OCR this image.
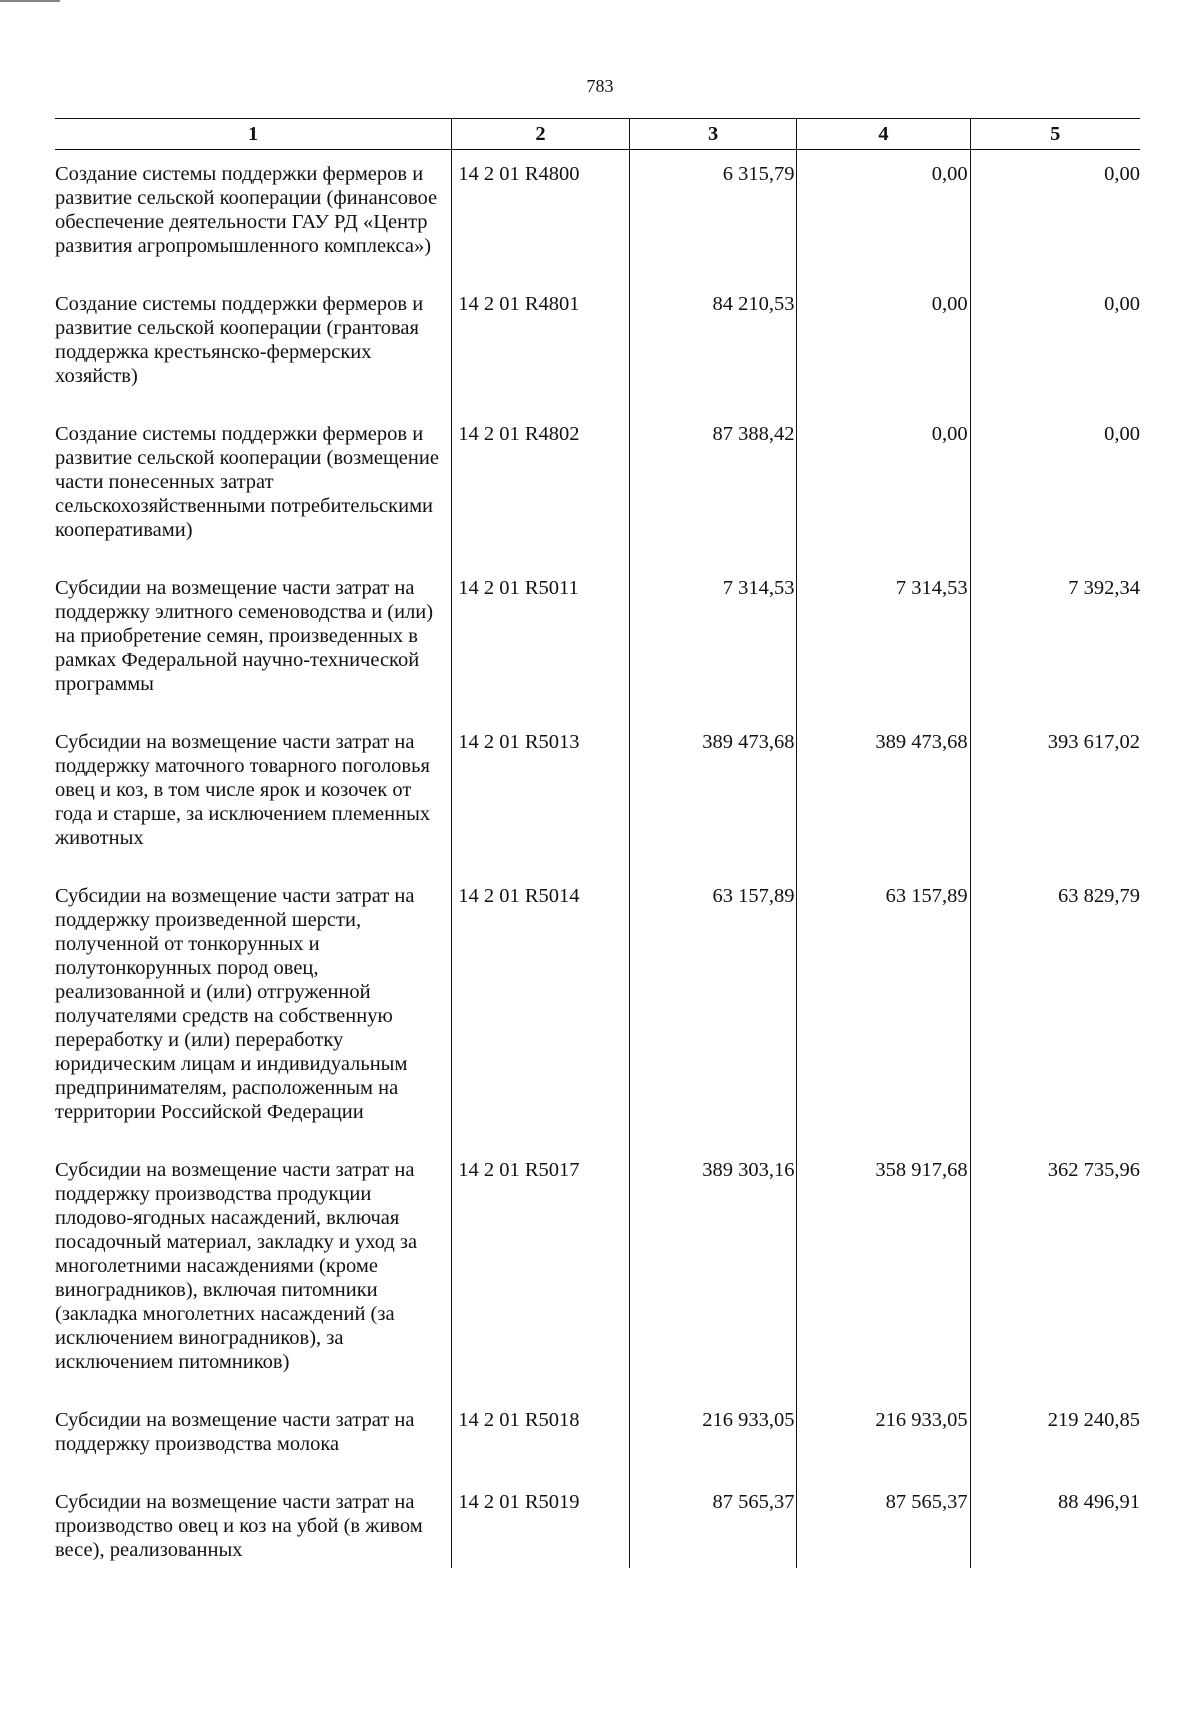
783
1	2	3	4	5
Создание системы поддержки фермеров и развитие сельской кооперации (финансовое обеспечение деятельности ГАУ РД «Центр развития агропромышленного комплекса»)	14 2 01 R4800	6 315,79	0,00	0,00
Создание системы поддержки фермеров и развитие сельской кооперации (грантовая поддержка крестьянско-фермерских хозяйств)	14 2 01 R4801	84 210,53	0,00	0,00
Создание системы поддержки фермеров и развитие сельской кооперации (возмещение части понесенных затрат сельскохозяйственными потребительскими кооперативами)	14 2 01 R4802	87 388,42	0,00	0,00
Субсидии на возмещение части затрат на поддержку элитного семеноводства и (или) на приобретение семян, произведенных в рамках Федеральной научно-технической программы	14 2 01 R5011	7 314,53	7 314,53	7 392,34
Субсидии на возмещение части затрат на поддержку маточного товарного поголовья овец и коз, в том числе ярок и козочек от года и старше, за исключением племенных животных	14 2 01 R5013	389 473,68	389 473,68	393 617,02
Субсидии на возмещение части затрат на поддержку произведенной шерсти, полученной от тонкорунных и полутонкорунных пород овец, реализованной и (или) отгруженной получателями средств на собственную переработку и (или) переработку юридическим лицам и индивидуальным предпринимателям, расположенным на территории Российской Федерации	14 2 01 R5014	63 157,89	63 157,89	63 829,79
Субсидии на возмещение части затрат на поддержку производства продукции плодово-ягодных насаждений, включая посадочный материал, закладку и уход за многолетними насаждениями (кроме виноградников), включая питомники (закладка многолетних насаждений (за исключением виноградников), за исключением питомников)	14 2 01 R5017	389 303,16	358 917,68	362 735,96
Субсидии на возмещение части затрат на поддержку производства молока	14 2 01 R5018	216 933,05	216 933,05	219 240,85
Субсидии на возмещение части затрат на производство овец и коз на убой (в живом весе), реализованных	14 2 01 R5019	87 565,37	87 565,37	88 496,91
